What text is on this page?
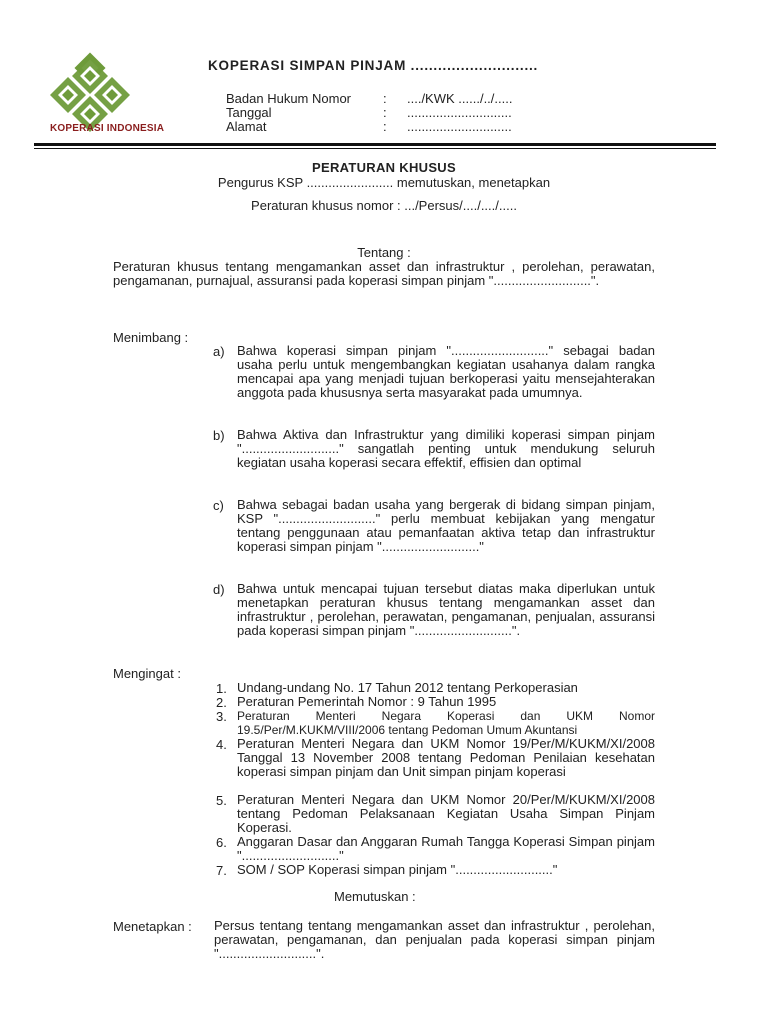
KOPERASI INDONESIA
KOPERASI SIMPAN PINJAM ............................
Badan Hukum Nomor : ..../KWK ....../../.....
Tanggal	: .............................
Alamat	: .............................
PERATURAN KHUSUS
Pengurus KSP ........................ memutuskan, menetapkan
Peraturan khusus nomor : .../Persus/..../..../.....
Tentang :
Peraturan khusus tentang mengamankan asset dan infrastruktur , perolehan, perawatan, pengamanan, purnajual, assuransi pada koperasi simpan pinjam "...........................".
Menimbang :
a) Bahwa koperasi simpan pinjam "..........................." sebagai badan usaha perlu untuk mengembangkan kegiatan usahanya dalam rangka mencapai apa yang menjadi tujuan berkoperasi yaitu mensejahterakan anggota pada khususnya serta masyarakat pada umumnya.
b) Bahwa Aktiva dan Infrastruktur yang dimiliki koperasi simpan pinjam "..........................." sangatlah penting untuk mendukung seluruh kegiatan usaha koperasi secara effektif, effisien dan optimal
c) Bahwa sebagai badan usaha yang bergerak di bidang simpan pinjam, KSP "..........................." perlu membuat kebijakan yang mengatur tentang penggunaan atau pemanfaatan aktiva tetap dan infrastruktur koperasi simpan pinjam "..........................."
d) Bahwa untuk mencapai tujuan tersebut diatas maka diperlukan untuk menetapkan peraturan khusus tentang mengamankan asset dan infrastruktur , perolehan, perawatan, pengamanan, penjualan, assuransi pada koperasi simpan pinjam "...........................".
Mengingat :
1. Undang-undang No. 17 Tahun 2012 tentang Perkoperasian
2. Peraturan Pemerintah Nomor : 9 Tahun 1995
3. Peraturan Menteri Negara Koperasi dan UKM Nomor 19.5/Per/M.KUKM/VIII/2006 tentang Pedoman Umum Akuntansi
4. Peraturan Menteri Negara dan UKM Nomor 19/Per/M/KUKM/XI/2008 Tanggal 13 November 2008 tentang Pedoman Penilaian kesehatan koperasi simpan pinjam dan Unit simpan pinjam koperasi
5. Peraturan Menteri Negara dan UKM Nomor 20/Per/M/KUKM/XI/2008 tentang Pedoman Pelaksanaan Kegiatan Usaha Simpan Pinjam Koperasi.
6. Anggaran Dasar dan Anggaran Rumah Tangga Koperasi Simpan pinjam "..........................."
7. SOM / SOP Koperasi simpan pinjam "..........................."
Memutuskan :
Menetapkan : Persus tentang tentang mengamankan asset dan infrastruktur , perolehan, perawatan, pengamanan, dan penjualan pada koperasi simpan pinjam "...........................".
